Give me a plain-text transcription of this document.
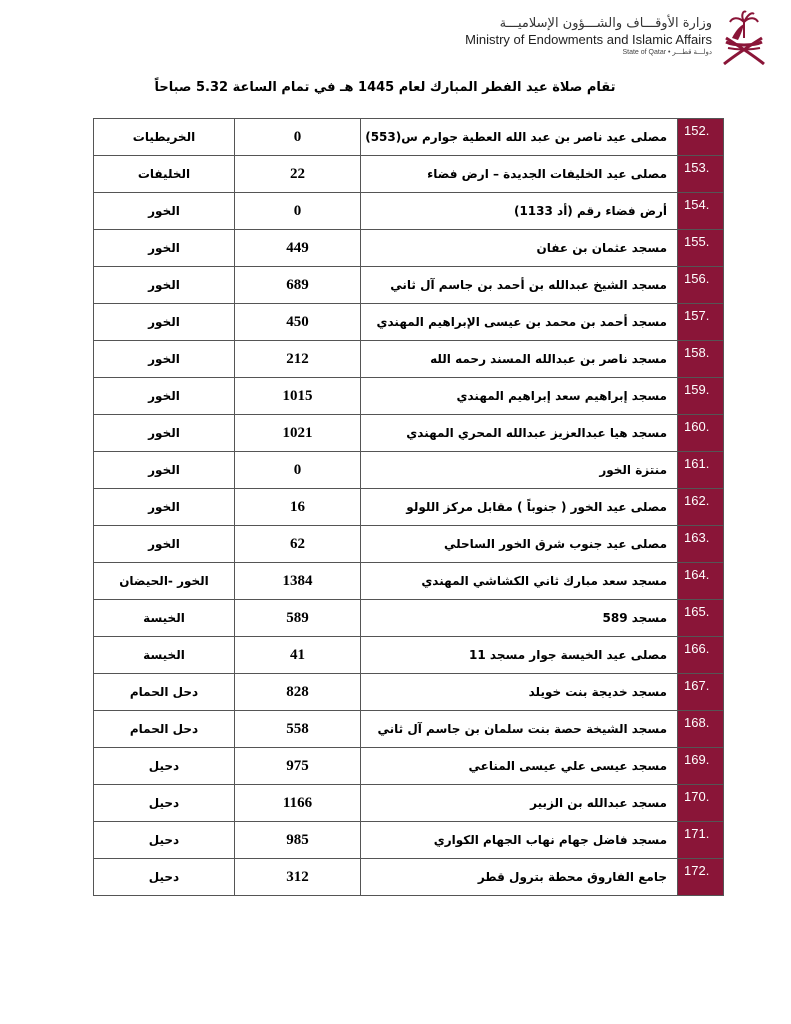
وزارة الأوقـــاف والشـــؤون الإسلاميـــة
Ministry of Endowments and Islamic Affairs
State of Qatar • دولـــة قطـــر
تقام صلاة عيد الفطر المبارك لعام 1445 هـ في تمام الساعة 5.32 صباحاً
152.	مصلى عيد ناصر بن عبد الله العطية جوارم س(553)	0	الخريطيات
153.	مصلى عيد الخليفات الجديدة – ارض فضاء	22	الخليفات
154.	أرض فضاء رقم (أد 1133)	0	الخور
155.	مسجد عثمان بن عفان	449	الخور
156.	مسجد الشيخ عبدالله بن أحمد بن جاسم آل ثاني	689	الخور
157.	مسجد أحمد بن محمد بن عيسى الإبراهيم المهندي	450	الخور
158.	مسجد ناصر بن عبدالله المسند رحمه الله	212	الخور
159.	مسجد إبراهيم سعد إبراهيم المهندي	1015	الخور
160.	مسجد هيا عبدالعزيز عبدالله المحري المهندي	1021	الخور
161.	منتزة الخور	0	الخور
162.	مصلى عيد الخور ( جنوباً ) مقابل مركز اللولو	16	الخور
163.	مصلى عيد جنوب شرق الخور الساحلي	62	الخور
164.	مسجد سعد مبارك ثاني الكشاشي المهندي	1384	الخور -الحيضان
165.	مسجد 589	589	الخيسة
166.	مصلى عيد الخيسة جوار مسجد 11	41	الخيسة
167.	مسجد خديجة بنت خويلد	828	دحل الحمام
168.	مسجد الشيخة حصة بنت سلمان بن جاسم آل ثاني	558	دحل الحمام
169.	مسجد عيسى علي عيسى المناعي	975	دحيل
170.	مسجد عبدالله بن الزبير	1166	دحيل
171.	مسجد فاضل جهام نهاب الجهام الكواري	985	دحيل
172.	جامع الفاروق محطة بترول قطر	312	دحيل
